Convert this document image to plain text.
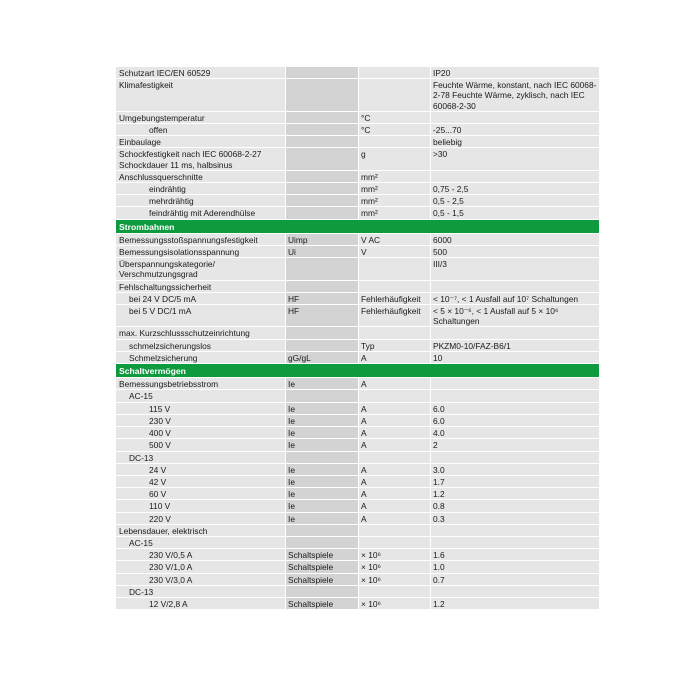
Schutzart IEC/EN 60529			IP20
Klimafestigkeit			Feuchte Wärme, konstant, nach IEC 60068-2-78 Feuchte Wärme, zyklisch, nach IEC 60068-2-30
Umgebungstemperatur		°C	
offen		°C	-25...70
Einbaulage			beliebig
Schockfestigkeit nach IEC 60068-2-27 Schockdauer 11 ms, halbsinus		g	>30
Anschlussquerschnitte		mm²	
eindrähtig		mm²	0,75 - 2,5
mehrdrähtig		mm²	0,5 - 2,5
feindrähtig mit Aderendhülse		mm²	0,5 - 1,5
Strombahnen			
Bemessungsstoßspannungsfestigkeit	Uimp	V AC	6000
Bemessungsisolationsspannung	Ui	V	500
Überspannungskategorie/ Verschmutzungsgrad			III/3
Fehlschaltungssicherheit			
bei 24 V DC/5 mA	HF	Fehlerhäufigkeit	< 10⁻⁷, < 1 Ausfall auf 10⁷ Schaltungen
bei 5 V DC/1 mA	HF	Fehlerhäufigkeit	< 5 × 10⁻⁶, < 1 Ausfall auf 5 × 10⁶ Schaltungen
max. Kurzschlussschutzeinrichtung			
schmelzsicherungslos		Typ	PKZM0-10/FAZ-B6/1
Schmelzsicherung	gG/gL	A	10
Schaltvermögen			
Bemessungsbetriebsstrom	Ie	A	
AC-15			
115 V	Ie	A	6.0
230 V	Ie	A	6.0
400 V	Ie	A	4.0
500 V	Ie	A	2
DC-13			
24 V	Ie	A	3.0
42 V	Ie	A	1.7
60 V	Ie	A	1.2
110 V	Ie	A	0.8
220 V	Ie	A	0.3
Lebensdauer, elektrisch			
AC-15			
230 V/0,5 A	Schaltspiele	× 10⁶	1.6
230 V/1,0 A	Schaltspiele	× 10⁶	1.0
230 V/3,0 A	Schaltspiele	× 10⁶	0.7
DC-13			
12 V/2,8 A	Schaltspiele	× 10⁶	1.2
